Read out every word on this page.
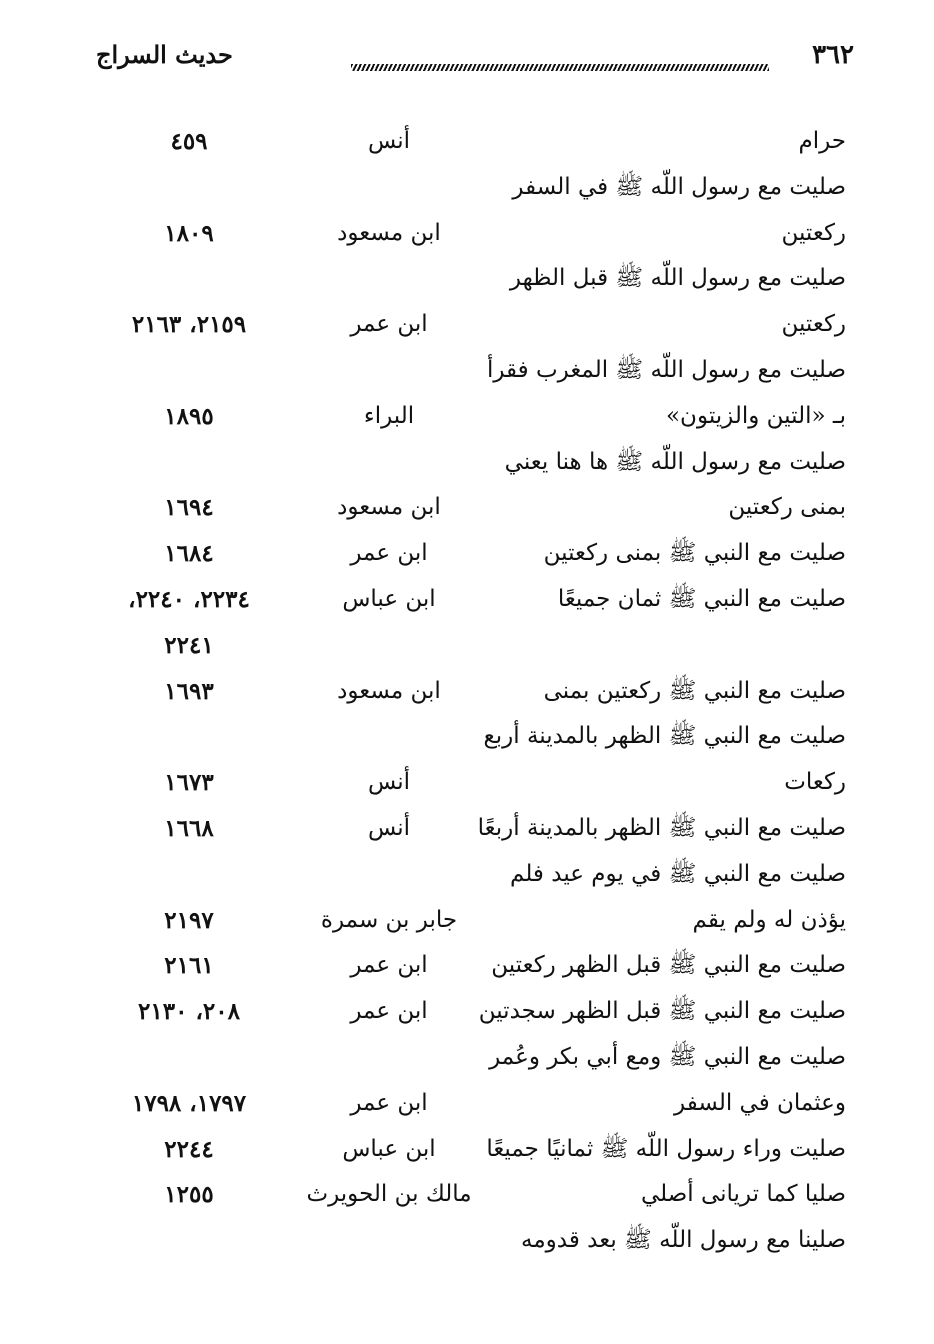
٣٦٢
حديث السراج
حرام
أنس
٤٥٩
صليت مع رسول اللّه ﷺ في السفر
ركعتين
ابن مسعود
١٨٠٩
صليت مع رسول اللّه ﷺ قبل الظهر
ركعتين
ابن عمر
٢١٥٩، ٢١٦٣
صليت مع رسول اللّه ﷺ المغرب فقرأ
بـ «التين والزيتون»
البراء
١٨٩٥
صليت مع رسول اللّه ﷺ ها هنا يعني
بمنى ركعتين
ابن مسعود
١٦٩٤
صليت مع النبي ﷺ بمنى ركعتين
ابن عمر
١٦٨٤
صليت مع النبي ﷺ ثمان جميعًا
ابن عباس
٢٢٣٤، ٢٢٤٠،
٢٢٤١
صليت مع النبي ﷺ ركعتين بمنى
ابن مسعود
١٦٩٣
صليت مع النبي ﷺ الظهر بالمدينة أربع
ركعات
أنس
١٦٧٣
صليت مع النبي ﷺ الظهر بالمدينة أربعًا
أنس
١٦٦٨
صليت مع النبي ﷺ في يوم عيد فلم
يؤذن له ولم يقم
جابر بن سمرة
٢١٩٧
صليت مع النبي ﷺ قبل الظهر ركعتين
ابن عمر
٢١٦١
صليت مع النبي ﷺ قبل الظهر سجدتين
ابن عمر
٢٠٨، ٢١٣٠
صليت مع النبي ﷺ ومع أبي بكر وعُمر
وعثمان في السفر
ابن عمر
١٧٩٧، ١٧٩٨
صليت وراء رسول اللّه ﷺ ثمانيًا جميعًا
ابن عباس
٢٢٤٤
صليا كما تريانى أصلي
مالك بن الحويرث
١٢٥٥
صلينا مع رسول اللّه ﷺ بعد قدومه
